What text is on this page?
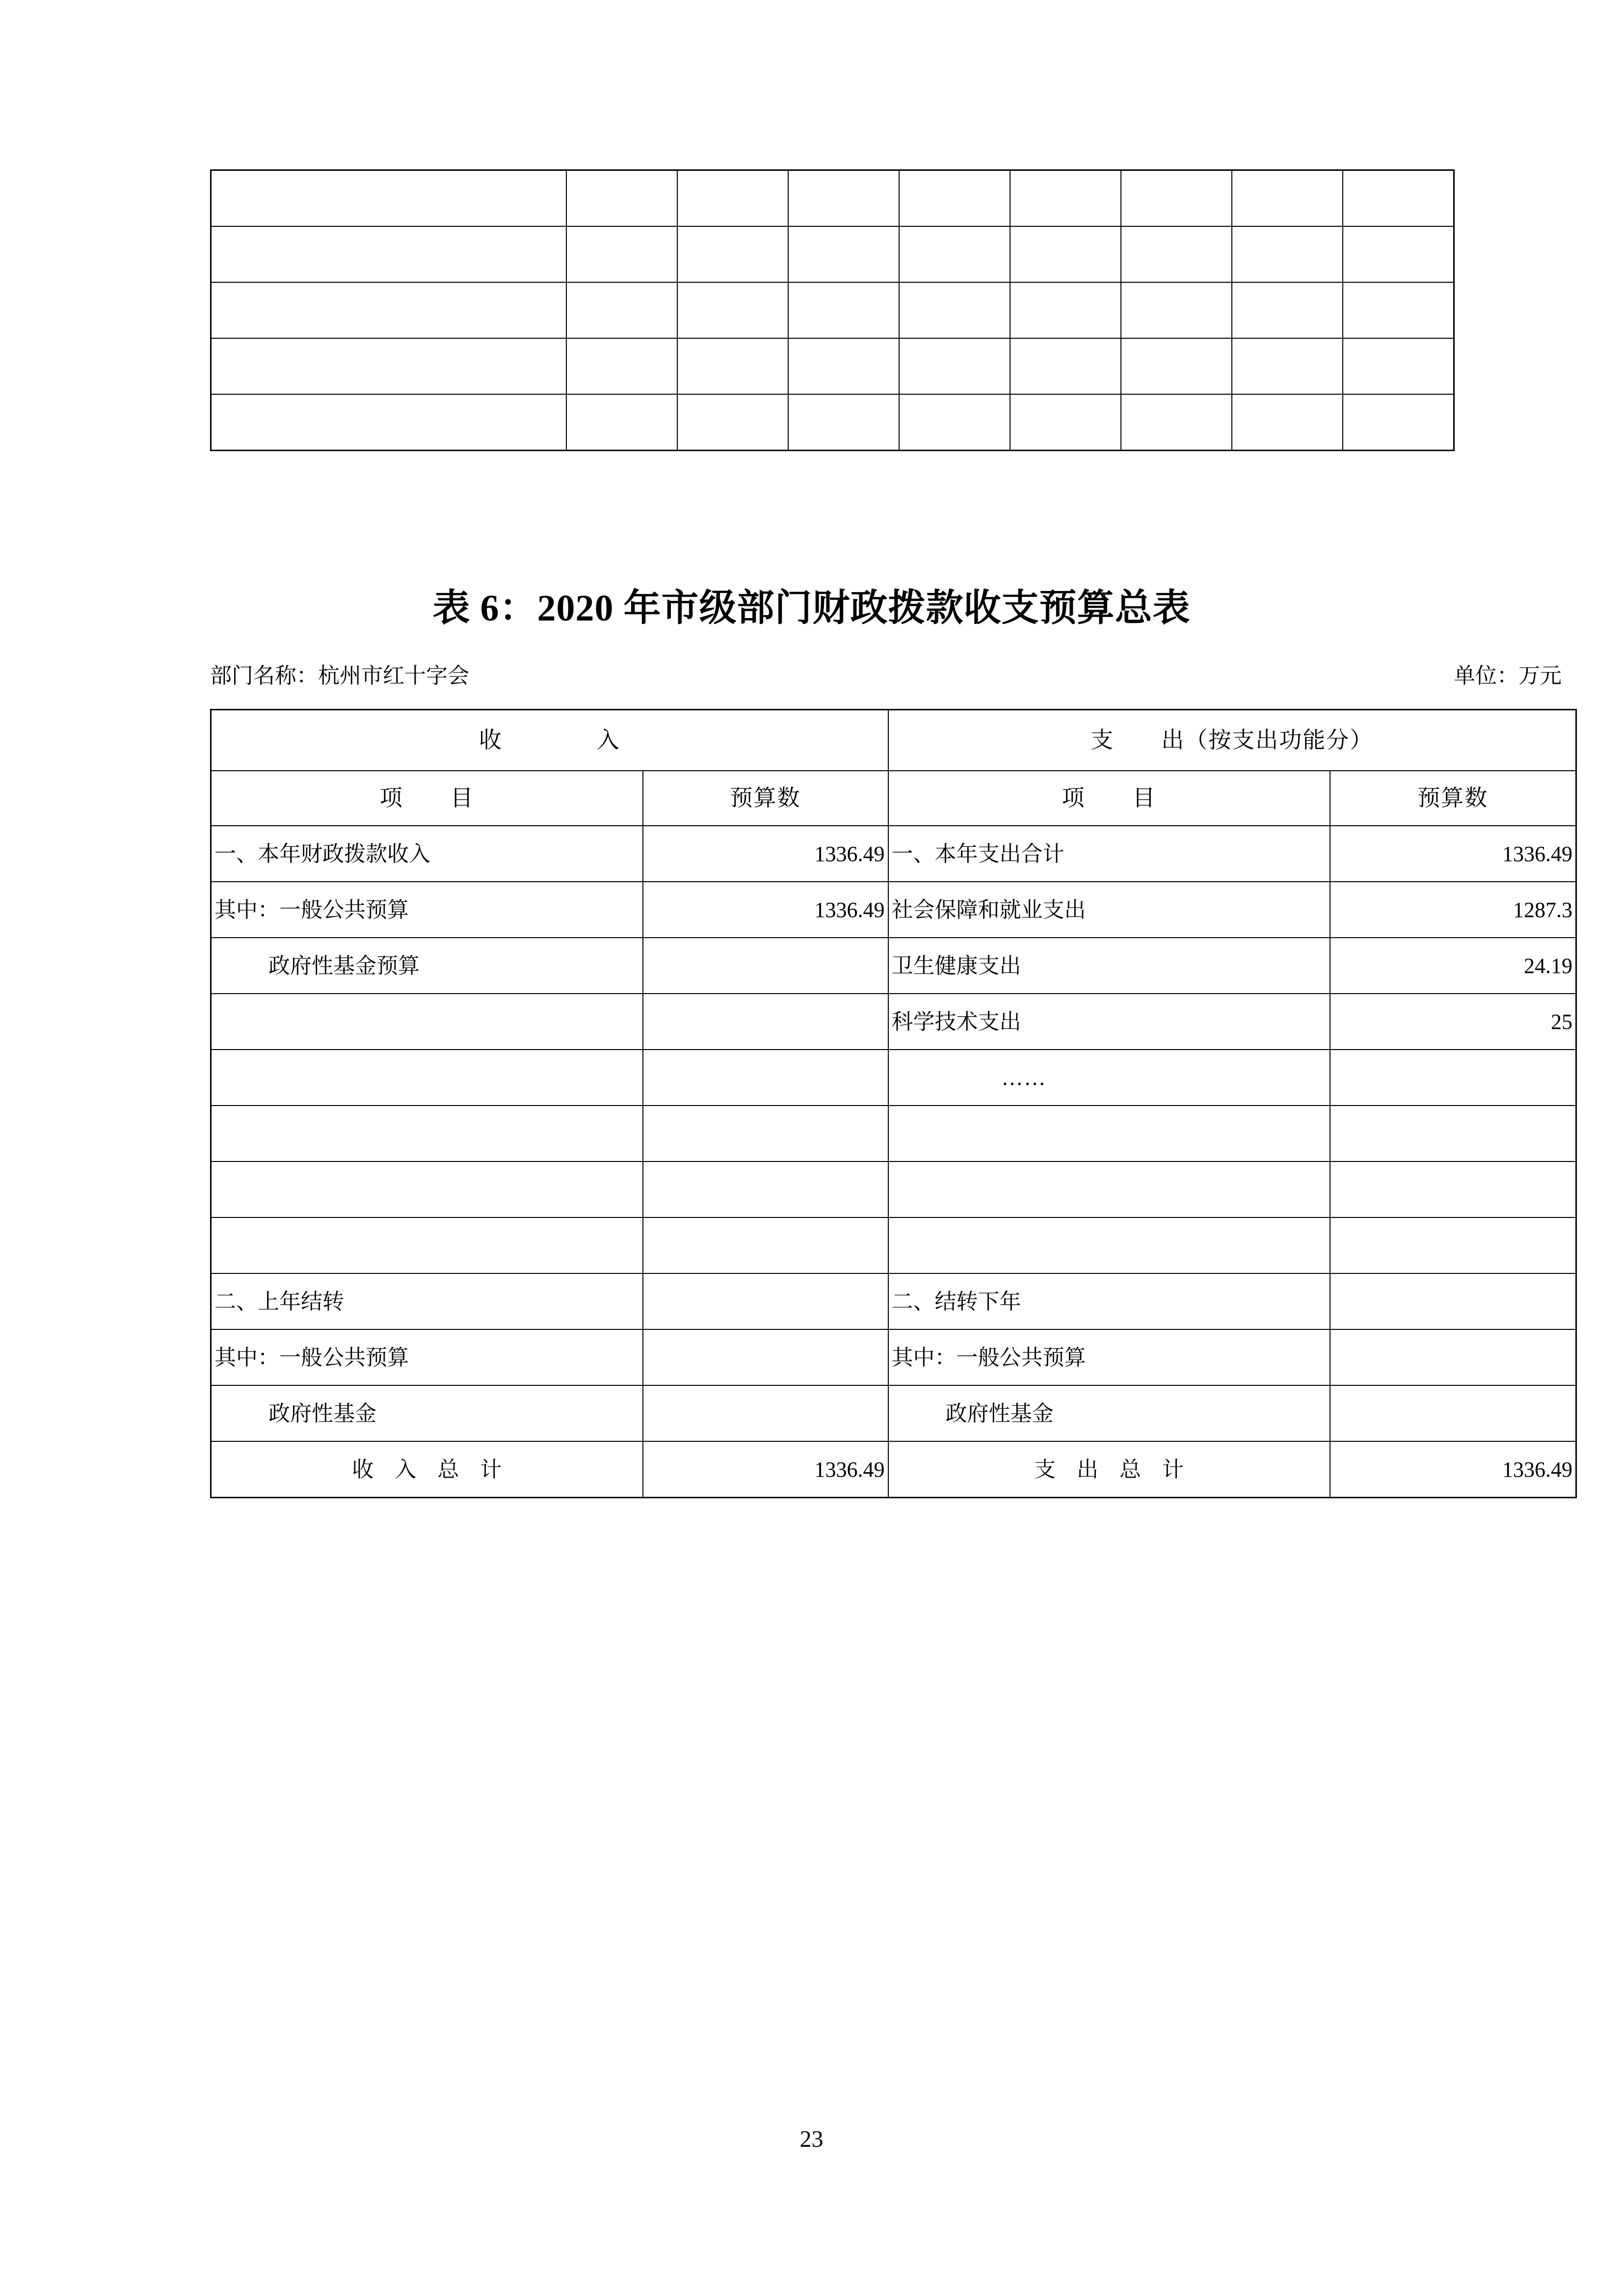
表 6：2020 年市级部门财政拨款收支预算总表
部门名称：杭州市红十字会	单位：万元
收　　　　入		支　　出（按支出功能分）	
项　　目	预算数	项　　目	预算数
一、本年财政拨款收入	1336.49	一、本年支出合计	1336.49
其中：一般公共预算	1336.49	社会保障和就业支出	1287.3
政府性基金预算		卫生健康支出	24.19
		科学技术支出	25
		……	

二、上年结转		二、结转下年	
其中：一般公共预算		其中：一般公共预算	
政府性基金		政府性基金	
收 入 总 计	1336.49	支 出 总 计	1336.49
23
